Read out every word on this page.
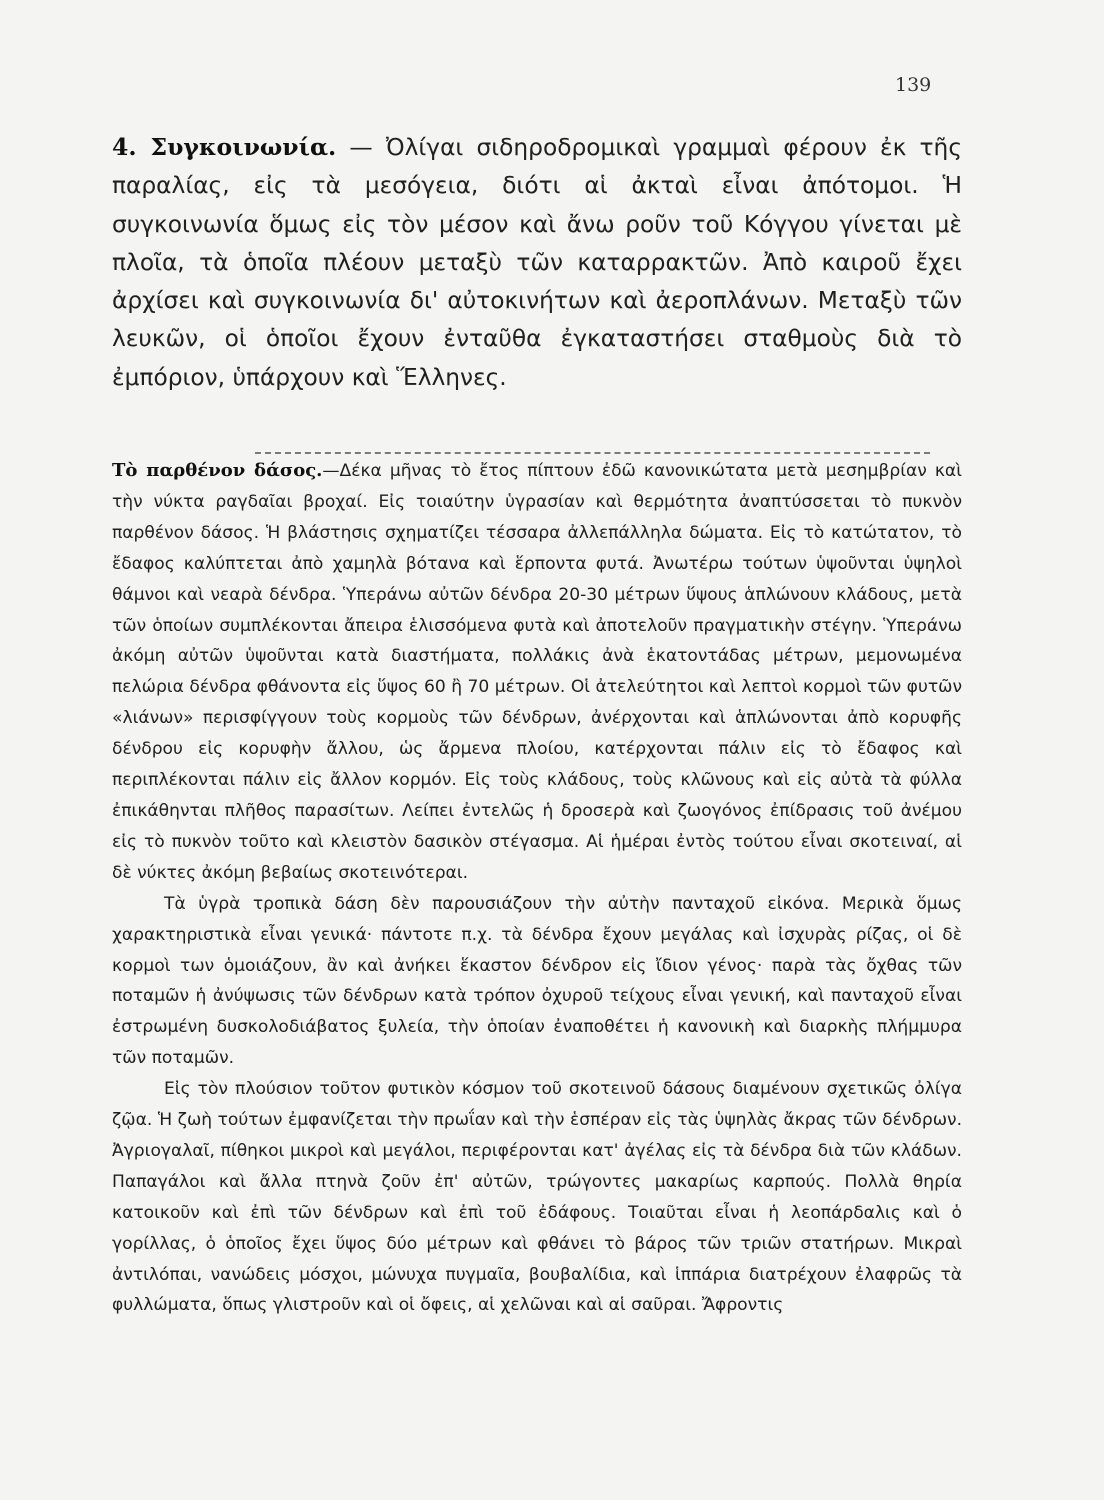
139
4. Συγκοινωνία. — Ὀλίγαι σιδηροδρομικαὶ γραμμαὶ φέρουν ἐκ τῆς παραλίας, εἰς τὰ μεσόγεια, διότι αἱ ἀκταὶ εἶναι ἀπότομοι. Ἡ συγκοινωνία ὅμως εἰς τὸν μέσον καὶ ἄνω ροῦν τοῦ Κόγγου γίνεται μὲ πλοῖα, τὰ ὁποῖα πλέουν μεταξὺ τῶν καταρρακτῶν. Ἀπὸ καιροῦ ἔχει ἀρχίσει καὶ συγκοινωνία δι' αὐτοκινήτων καὶ ἀεροπλάνων. Μεταξὺ τῶν λευκῶν, οἱ ὁποῖοι ἔχουν ἐνταῦθα ἐγκαταστήσει σταθμοὺς διὰ τὸ ἐμπόριον, ὑπάρχουν καὶ Ἕλληνες.

Τὸ παρθένον δάσος.—Δέκα μῆνας τὸ ἔτος πίπτουν ἐδῶ κανονικώτατα μετὰ μεσημβρίαν καὶ τὴν νύκτα ραγδαῖαι βροχαί. Εἰς τοιαύτην ὑγρασίαν καὶ θερμότητα ἀναπτύσσεται τὸ πυκνὸν παρθένον δάσος. Ἡ βλάστησις σχηματίζει τέσσαρα ἀλλεπάλληλα δώματα. Εἰς τὸ κατώτατον, τὸ ἔδαφος καλύπτεται ἀπὸ χαμηλὰ βότανα καὶ ἕρποντα φυτά. Ἀνωτέρω τούτων ὑψοῦνται ὑψηλοὶ θάμνοι καὶ νεαρὰ δένδρα. Ὑπεράνω αὐτῶν δένδρα 20-30 μέτρων ὕψους ἁπλώνουν κλάδους, μετὰ τῶν ὁποίων συμπλέκονται ἄπειρα ἑλισσόμενα φυτὰ καὶ ἀποτελοῦν πραγματικὴν στέγην. Ὑπεράνω ἀκόμη αὐτῶν ὑψοῦνται κατὰ διαστήματα, πολλάκις ἀνὰ ἑκατοντάδας μέτρων, μεμονωμένα πελώρια δένδρα φθάνοντα εἰς ὕψος 60 ἢ 70 μέτρων. Οἱ ἀτελεύτητοι καὶ λεπτοὶ κορμοὶ τῶν φυτῶν «λιάνων» περισφίγγουν τοὺς κορμοὺς τῶν δένδρων, ἀνέρχονται καὶ ἁπλώνονται ἀπὸ κορυφῆς δένδρου εἰς κορυφὴν ἄλλου, ὡς ἄρμενα πλοίου, κατέρχονται πάλιν εἰς τὸ ἔδαφος καὶ περιπλέκονται πάλιν εἰς ἄλλον κορμόν. Εἰς τοὺς κλάδους, τοὺς κλῶνους καὶ εἰς αὐτὰ τὰ φύλλα ἐπικάθηνται πλῆθος παρασίτων. Λείπει ἐντελῶς ἡ δροσερὰ καὶ ζωογόνος ἐπίδρασις τοῦ ἀνέμου εἰς τὸ πυκνὸν τοῦτο καὶ κλειστὸν δασικὸν στέγασμα. Αἱ ἡμέραι ἐντὸς τούτου εἶναι σκοτειναί, αἱ δὲ νύκτες ἀκόμη βεβαίως σκοτεινότεραι.

Τὰ ὑγρὰ τροπικὰ δάση δὲν παρουσιάζουν τὴν αὐτὴν πανταχοῦ εἰκόνα. Μερικὰ ὅμως χαρακτηριστικὰ εἶναι γενικά· πάντοτε π.χ. τὰ δένδρα ἔχουν μεγάλας καὶ ἰσχυρὰς ρίζας, οἱ δὲ κορμοὶ των ὁμοιάζουν, ἂν καὶ ἀνήκει ἕκαστον δένδρον εἰς ἴδιον γένος· παρὰ τὰς ὄχθας τῶν ποταμῶν ἡ ἀνύψωσις τῶν δένδρων κατὰ τρόπον ὀχυροῦ τείχους εἶναι γενική, καὶ πανταχοῦ εἶναι ἐστρωμένη δυσκολοδιάβατος ξυλεία, τὴν ὁποίαν ἐναποθέτει ἡ κανονικὴ καὶ διαρκὴς πλήμμυρα τῶν ποταμῶν.

Εἰς τὸν πλούσιον τοῦτον φυτικὸν κόσμον τοῦ σκοτεινοῦ δάσους διαμένουν σχετικῶς ὀλίγα ζῷα. Ἡ ζωὴ τούτων ἐμφανίζεται τὴν πρωΐαν καὶ τὴν ἑσπέραν εἰς τὰς ὑψηλὰς ἄκρας τῶν δένδρων. Ἀγριογαλαῖ, πίθηκοι μικροὶ καὶ μεγάλοι, περιφέρονται κατ' ἀγέλας εἰς τὰ δένδρα διὰ τῶν κλάδων. Παπαγάλοι καὶ ἄλλα πτηνὰ ζοῦν ἐπ' αὐτῶν, τρώγοντες μακαρίως καρπούς. Πολλὰ θηρία κατοικοῦν καὶ ἐπὶ τῶν δένδρων καὶ ἐπὶ τοῦ ἐδάφους. Τοιαῦται εἶναι ἡ λεοπάρδαλις καὶ ὁ γορίλλας, ὁ ὁποῖος ἔχει ὕψος δύο μέτρων καὶ φθάνει τὸ βάρος τῶν τριῶν στατήρων. Μικραὶ ἀντιλόπαι, νανώδεις μόσχοι, μώνυχα πυγμαῖα, βουβαλίδια, καὶ ἱππάρια διατρέχουν ἐλαφρῶς τὰ φυλλώματα, ὅπως γλιστροῦν καὶ οἱ ὄφεις, αἱ χελῶναι καὶ αἱ σαῦραι. Ἄφροντις
